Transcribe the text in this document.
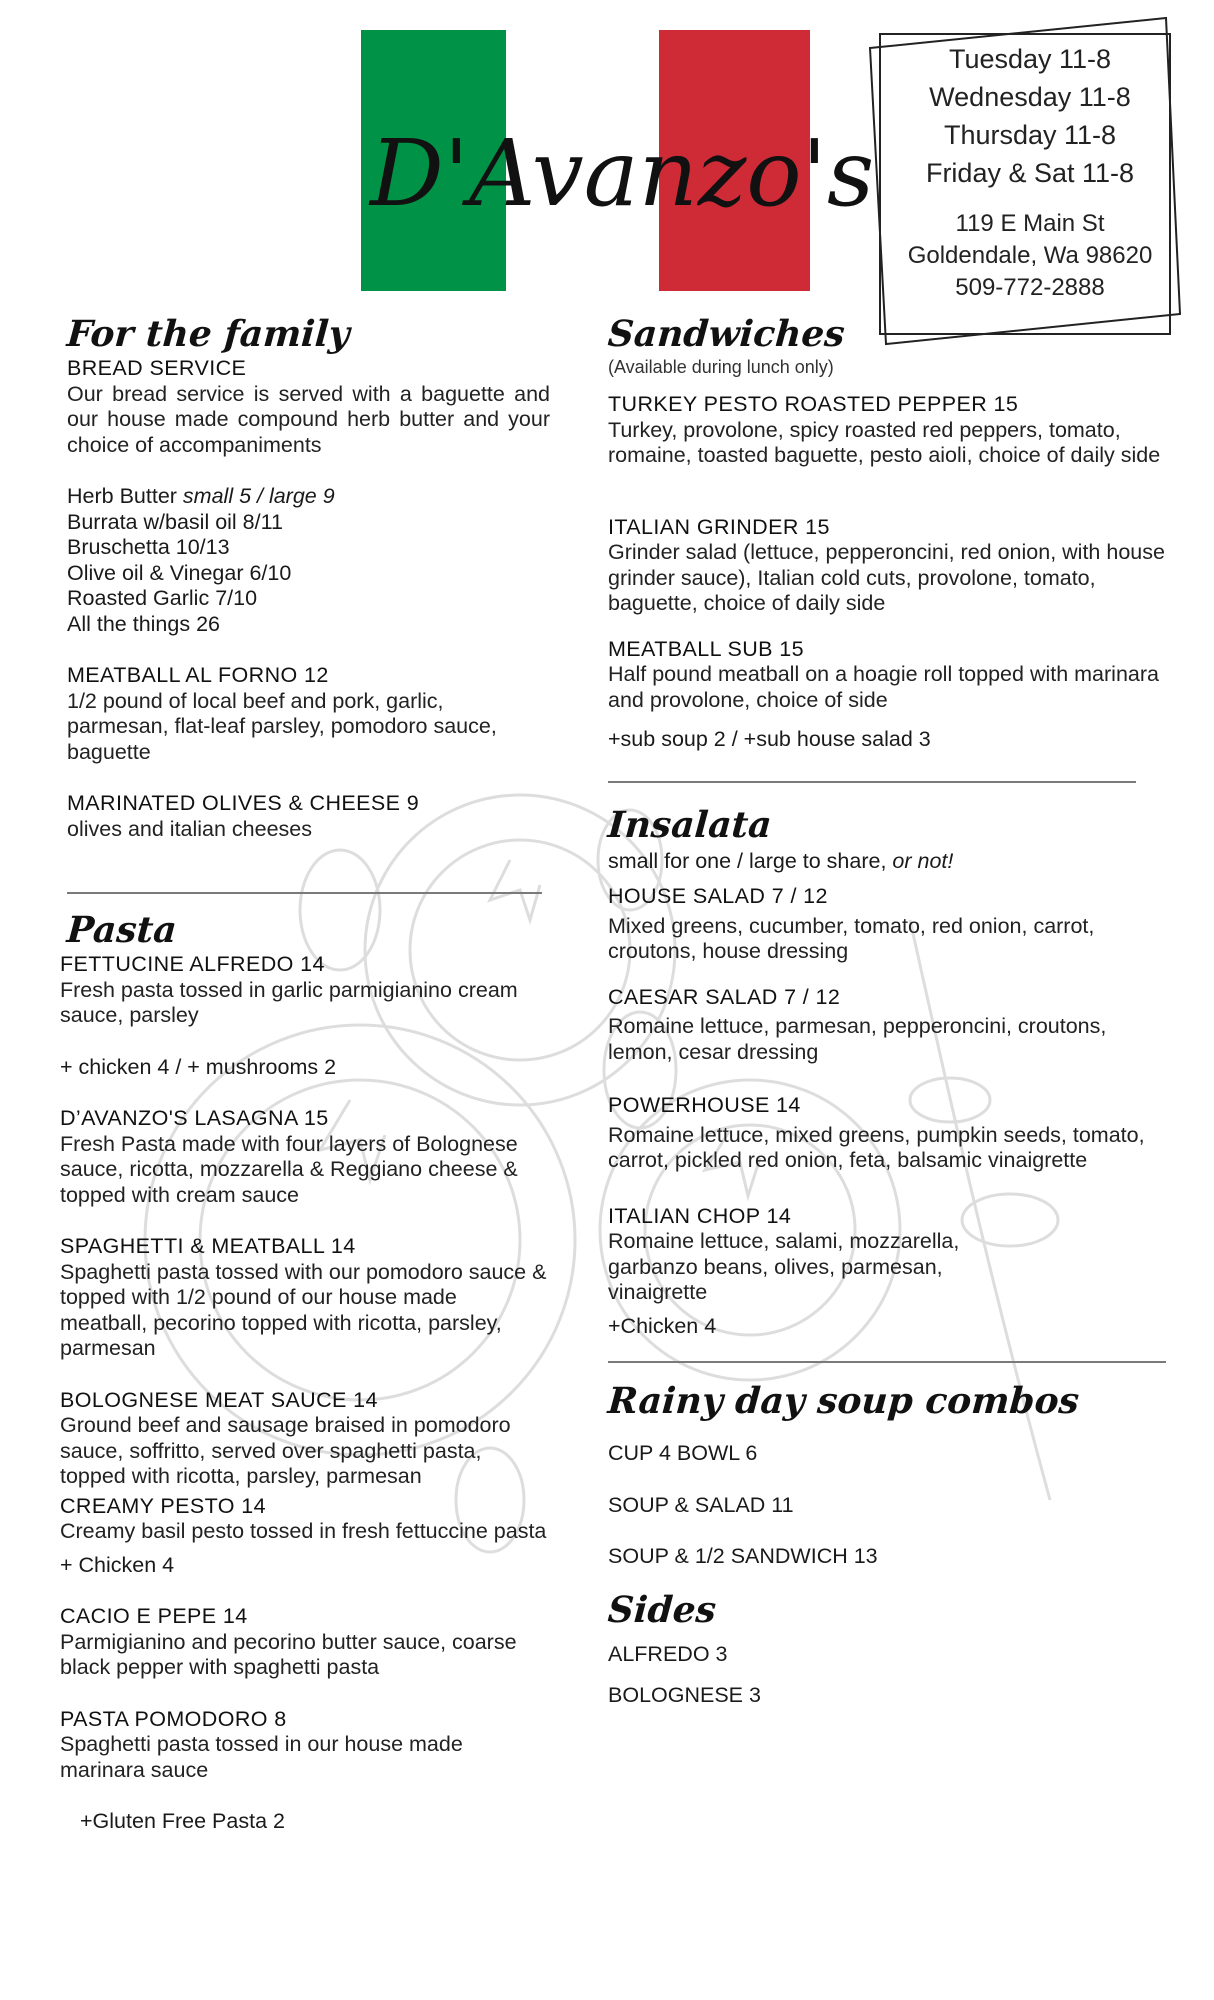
D'Avanzo's
Tuesday 11-8
Wednesday 11-8
Thursday 11-8
Friday & Sat 11-8
119 E Main St
Goldendale, Wa 98620
509-772-2888
For the family
BREAD SERVICE
Our bread service is served with a baguette and our house made compound herb butter and your choice of accompaniments
Herb Butter small 5 / large 9
Burrata w/basil oil 8/11
Bruschetta 10/13
Olive oil & Vinegar 6/10
Roasted Garlic 7/10
All the things 26
MEATBALL AL FORNO 12
1/2 pound of local beef and pork, garlic, parmesan, flat-leaf parsley, pomodoro sauce, baguette
MARINATED OLIVES & CHEESE 9
olives and italian cheeses
Pasta
FETTUCINE ALFREDO 14
Fresh pasta tossed in garlic parmigianino cream sauce, parsley
+ chicken 4 / + mushrooms 2
D’AVANZO'S LASAGNA 15
Fresh Pasta made with four layers of Bolognese sauce, ricotta, mozzarella & Reggiano cheese & topped with cream sauce
SPAGHETTI & MEATBALL 14
Spaghetti pasta tossed with our pomodoro sauce & topped with 1/2 pound of our house made meatball, pecorino topped with ricotta, parsley, parmesan
BOLOGNESE MEAT SAUCE 14
Ground beef and sausage braised in pomodoro sauce, soffritto, served over spaghetti pasta, topped with ricotta, parsley, parmesan
CREAMY PESTO 14
Creamy basil pesto tossed in fresh fettuccine pasta
+ Chicken 4
CACIO E PEPE 14
Parmigianino and pecorino butter sauce, coarse black pepper with spaghetti pasta
PASTA POMODORO 8
Spaghetti pasta tossed in our house made marinara sauce
+Gluten Free Pasta 2
Sandwiches
(Available during lunch only)
TURKEY PESTO ROASTED PEPPER 15
Turkey, provolone, spicy roasted red peppers, tomato, romaine, toasted baguette, pesto aioli, choice of daily side
ITALIAN GRINDER 15
Grinder salad (lettuce, pepperoncini, red onion, with house grinder sauce), Italian cold cuts, provolone, tomato, baguette, choice of daily side
MEATBALL SUB 15
Half pound meatball on a hoagie roll topped with marinara and provolone, choice of side
+sub soup 2 / +sub house salad 3
Insalata
small for one / large to share, or not!
HOUSE SALAD 7 / 12
Mixed greens, cucumber, tomato, red onion, carrot, croutons, house dressing
CAESAR SALAD 7 / 12
Romaine lettuce, parmesan, pepperoncini, croutons, lemon, cesar dressing
POWERHOUSE 14
Romaine lettuce, mixed greens, pumpkin seeds, tomato, carrot, pickled red onion, feta, balsamic vinaigrette
ITALIAN CHOP 14
Romaine lettuce, salami, mozzarella, garbanzo beans, olives, parmesan, vinaigrette
+Chicken 4
Rainy day soup combos
CUP 4 BOWL 6
SOUP & SALAD 11
SOUP & 1/2 SANDWICH 13
Sides
ALFREDO 3
BOLOGNESE 3
